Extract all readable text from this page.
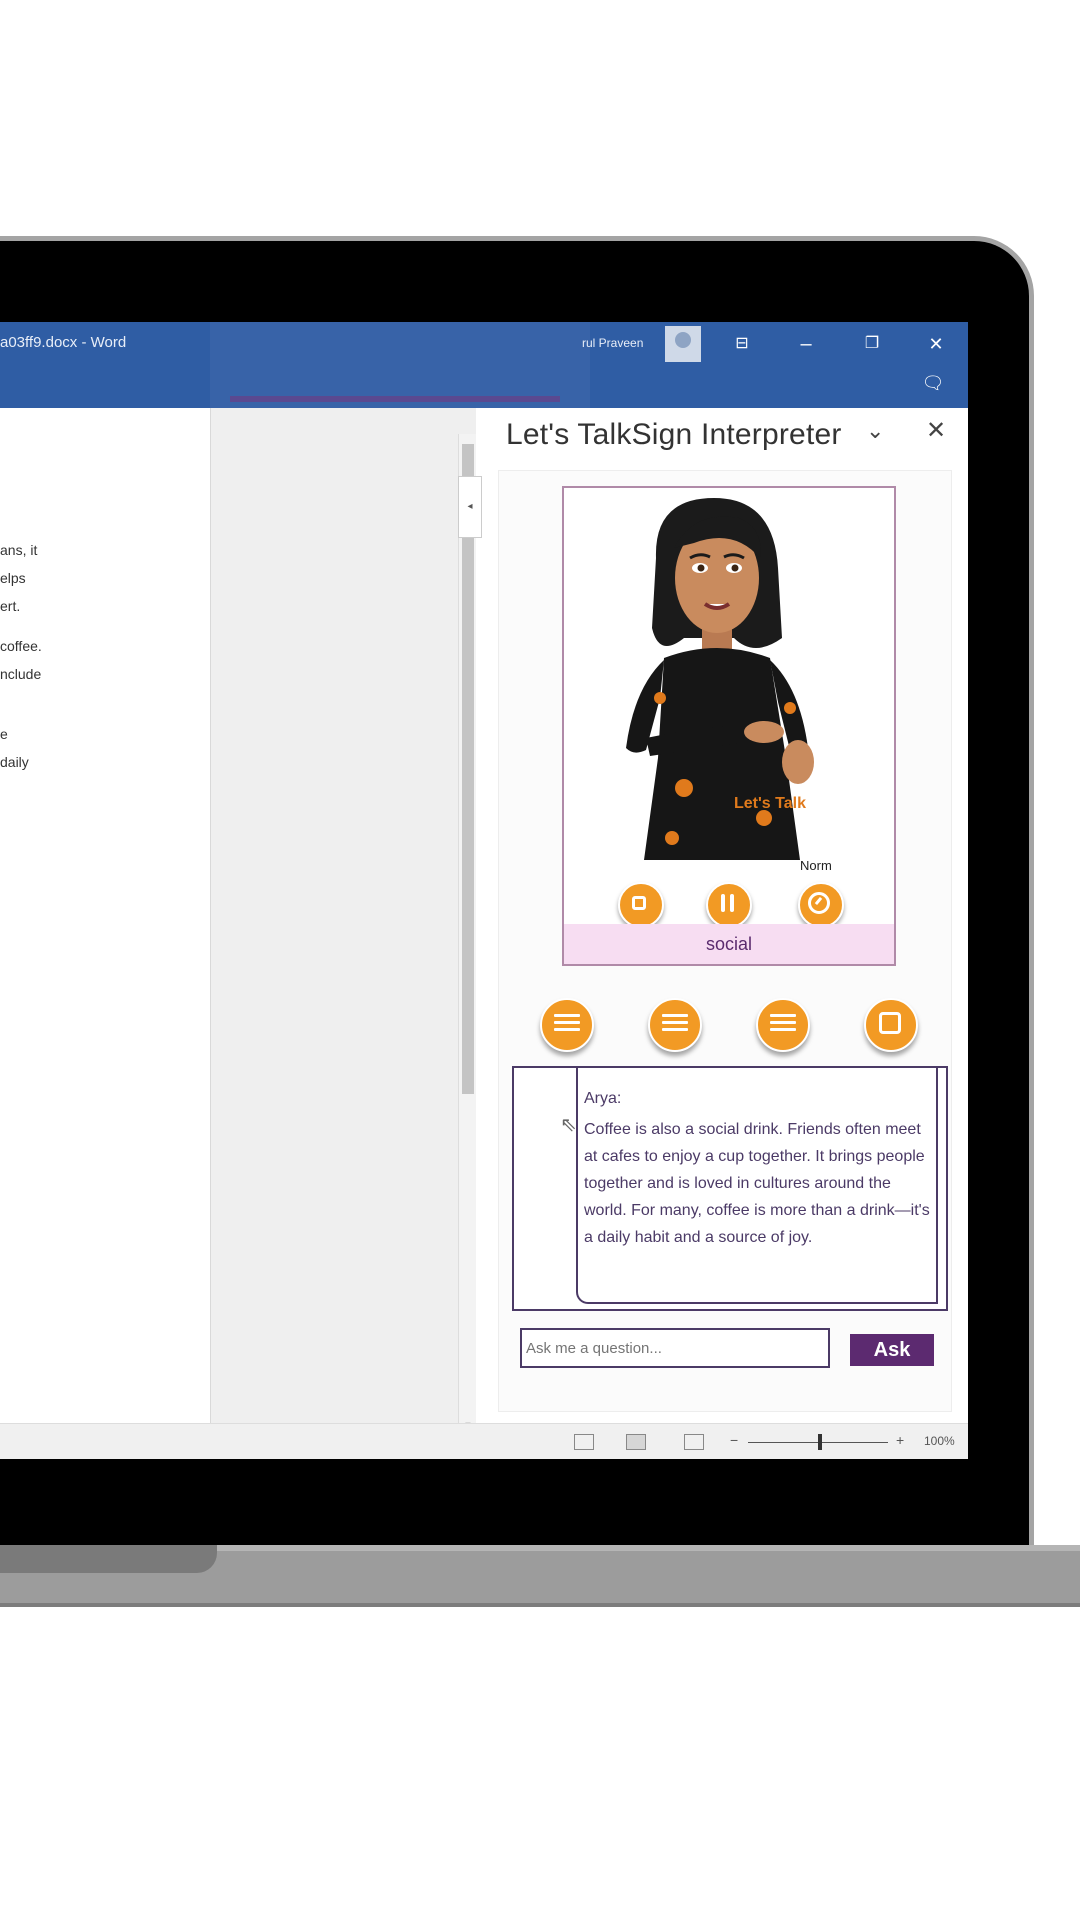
a03ff9.docx - Word	rul Praveen	⊟	–	❐	✕
🗨
ans, it
elps
ert.
coffee.
nclude
e
daily
Let's TalkSign Interpreter ⌄ ✕
◂
−	+ 100%
Let's Talk
Norm
social
⇖
Arya:
Coffee is also a social drink. Friends often meet at cafes to enjoy a cup together. It brings people together and is loved in cultures around the world. For many, coffee is more than a drink—it's a daily habit and a source of joy.
Ask me a question...
Ask
